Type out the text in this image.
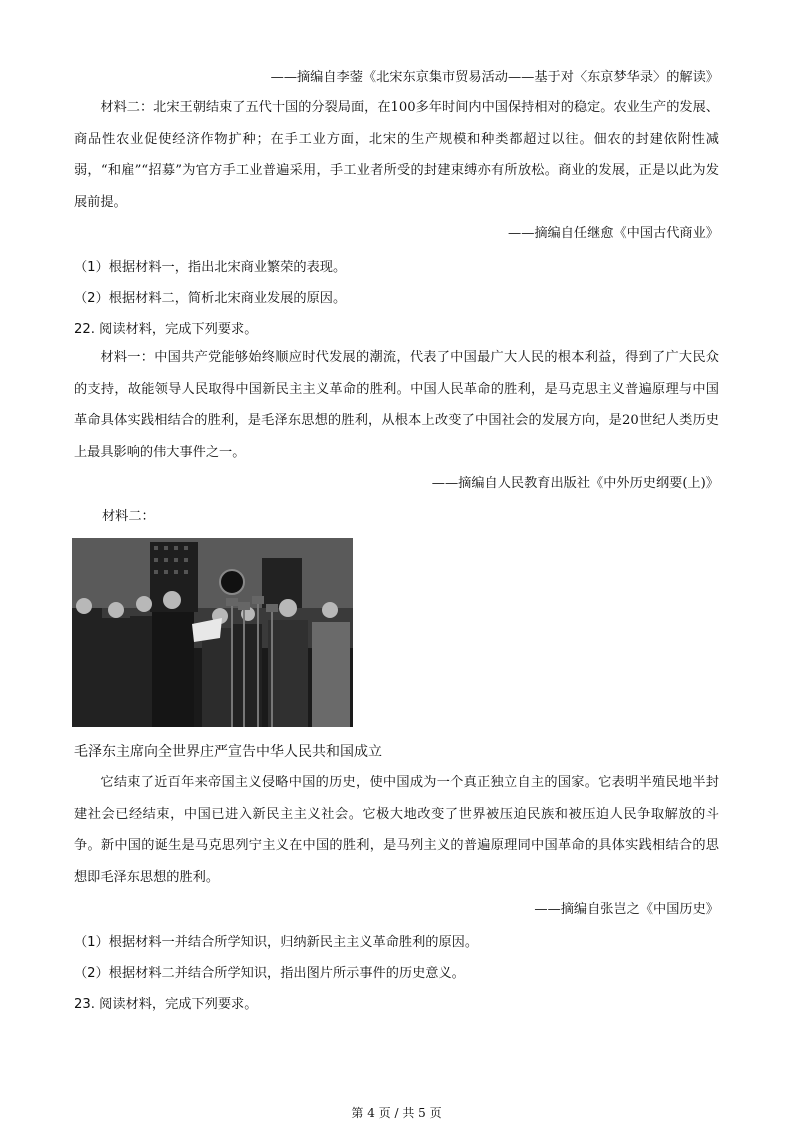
——摘编自李蓥《北宋东京集市贸易活动——基于对〈东京梦华录〉的解读》
材料二：北宋王朝结束了五代十国的分裂局面，在100多年时间内中国保持相对的稳定。农业生产的发展、商品性农业促使经济作物扩种；在手工业方面，北宋的生产规模和种类都超过以往。佃农的封建依附性减弱，“和雇”“招募”为官方手工业普遍采用，手工业者所受的封建束缚亦有所放松。商业的发展，正是以此为发展前提。
——摘编自任继愈《中国古代商业》
（1）根据材料一，指出北宋商业繁荣的表现。
（2）根据材料二，简析北宋商业发展的原因。
22. 阅读材料，完成下列要求。
材料一：中国共产党能够始终顺应时代发展的潮流，代表了中国最广大人民的根本利益，得到了广大民众的支持，故能领导人民取得中国新民主主义革命的胜利。中国人民革命的胜利，是马克思主义普遍原理与中国革命具体实践相结合的胜利，是毛泽东思想的胜利，从根本上改变了中国社会的发展方向，是20世纪人类历史上最具影响的伟大事件之一。
——摘编自人民教育出版社《中外历史纲要(上)》
材料二：
毛泽东主席向全世界庄严宣告中华人民共和国成立
它结束了近百年来帝国主义侵略中国的历史，使中国成为一个真正独立自主的国家。它表明半殖民地半封建社会已经结束，中国已进入新民主主义社会。它极大地改变了世界被压迫民族和被压迫人民争取解放的斗争。新中国的诞生是马克思列宁主义在中国的胜利，是马列主义的普遍原理同中国革命的具体实践相结合的思想即毛泽东思想的胜利。
——摘编自张岂之《中国历史》
（1）根据材料一并结合所学知识，归纳新民主主义革命胜利的原因。
（2）根据材料二并结合所学知识，指出图片所示事件的历史意义。
23. 阅读材料，完成下列要求。
第 4 页 / 共 5 页
